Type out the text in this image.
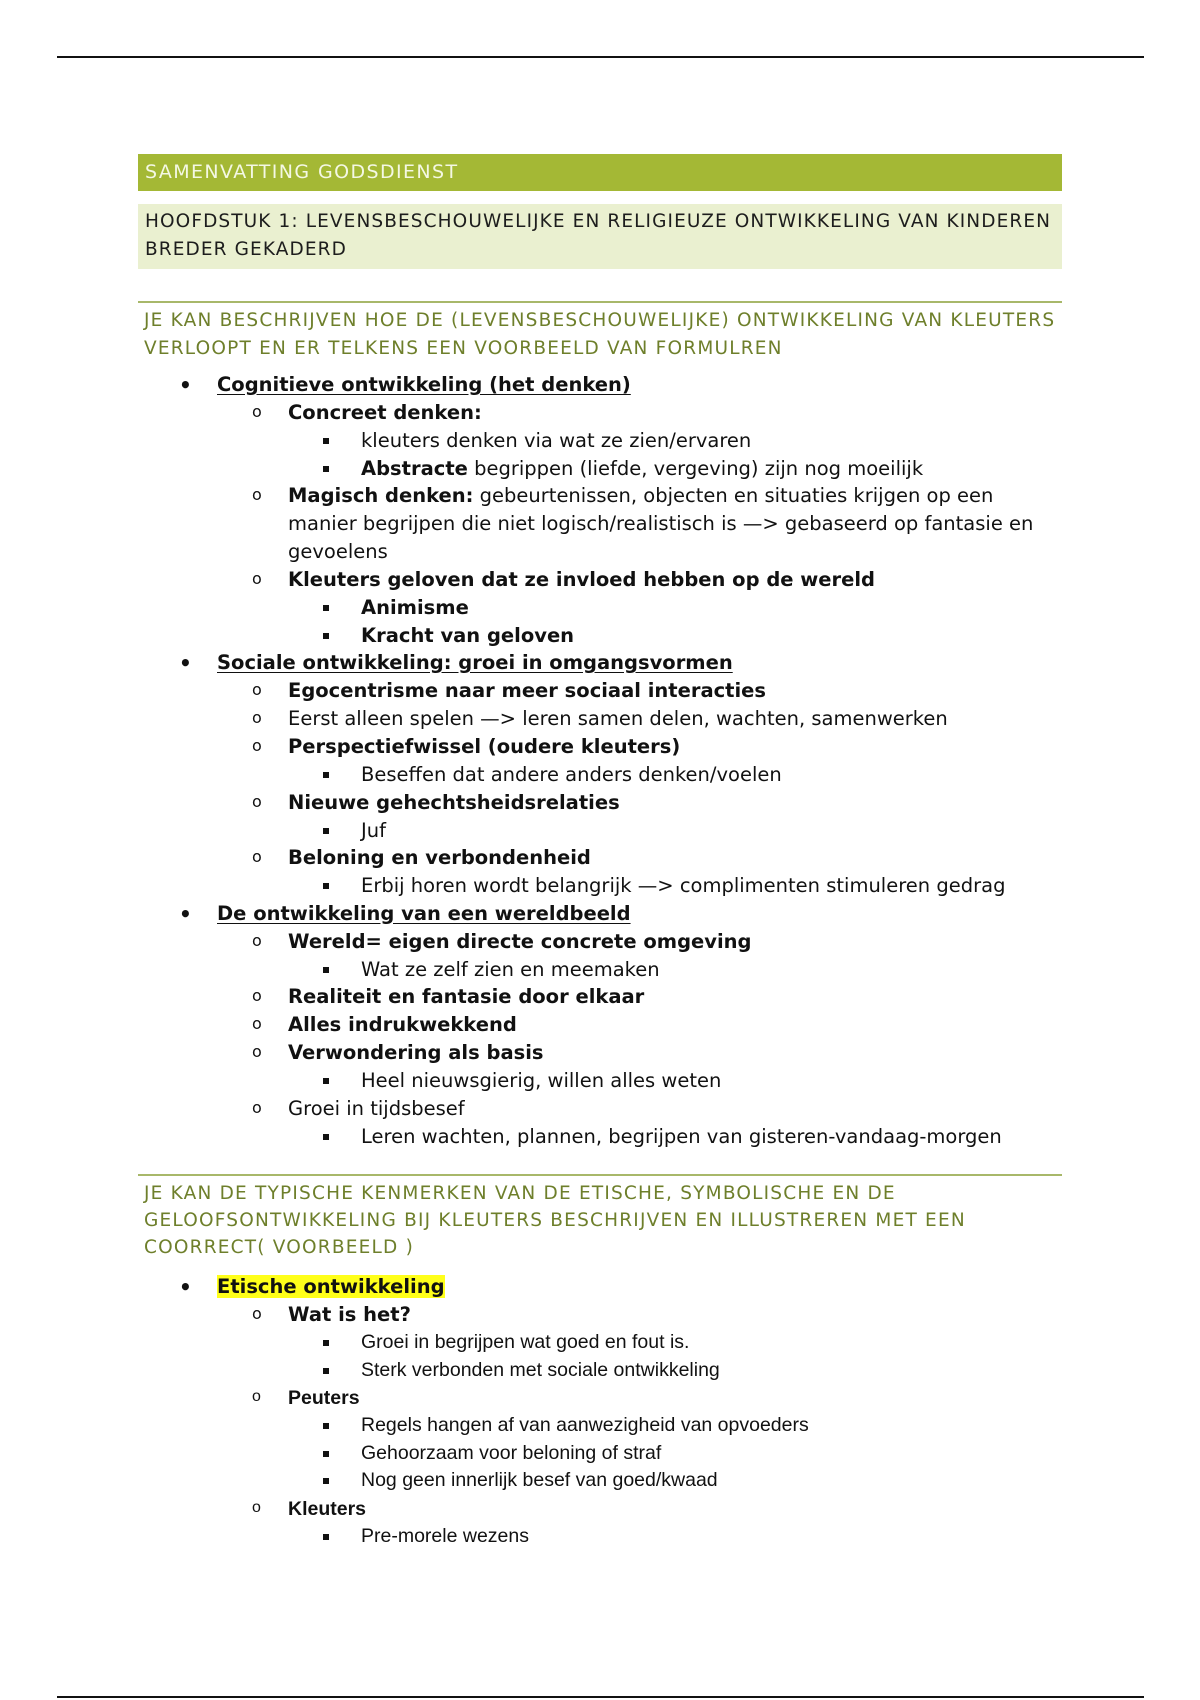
SAMENVATTING GODSDIENST
HOOFDSTUK 1: LEVENSBESCHOUWELIJKE EN RELIGIEUZE ONTWIKKELING VAN KINDEREN BREDER GEKADERD
JE KAN BESCHRIJVEN HOE DE (LEVENSBESCHOUWELIJKE) ONTWIKKELING VAN KLEUTERS VERLOOPT EN ER TELKENS EEN VOORBEELD VAN FORMULREN
• Cognitieve ontwikkeling (het denken)
o Concreet denken:
kleuters denken via wat ze zien/ervaren
Abstracte begrippen (liefde, vergeving) zijn nog moeilijk
o Magisch denken: gebeurtenissen, objecten en situaties krijgen op een manier begrijpen die niet logisch/realistisch is —> gebaseerd op fantasie en gevoelens
o Kleuters geloven dat ze invloed hebben op de wereld
Animisme
Kracht van geloven
• Sociale ontwikkeling: groei in omgangsvormen
o Egocentrisme naar meer sociaal interacties
o Eerst alleen spelen —> leren samen delen, wachten, samenwerken
o Perspectiefwissel (oudere kleuters)
Beseffen dat andere anders denken/voelen
o Nieuwe gehechtsheidsrelaties
Juf
o Beloning en verbondenheid
Erbij horen wordt belangrijk —> complimenten stimuleren gedrag
• De ontwikkeling van een wereldbeeld
o Wereld= eigen directe concrete omgeving
Wat ze zelf zien en meemaken
o Realiteit en fantasie door elkaar
o Alles indrukwekkend
o Verwondering als basis
Heel nieuwsgierig, willen alles weten
o Groei in tijdsbesef
Leren wachten, plannen, begrijpen van gisteren-vandaag-morgen
JE KAN DE TYPISCHE KENMERKEN VAN DE ETISCHE, SYMBOLISCHE EN DE GELOOFSONTWIKKELING BIJ KLEUTERS BESCHRIJVEN EN ILLUSTREREN MET EEN COORRECT( VOORBEELD )
• Etische ontwikkeling
o Wat is het?
Groei in begrijpen wat goed en fout is.
Sterk verbonden met sociale ontwikkeling
o Peuters
Regels hangen af van aanwezigheid van opvoeders
Gehoorzaam voor beloning of straf
Nog geen innerlijk besef van goed/kwaad
o Kleuters
Pre-morele wezens
